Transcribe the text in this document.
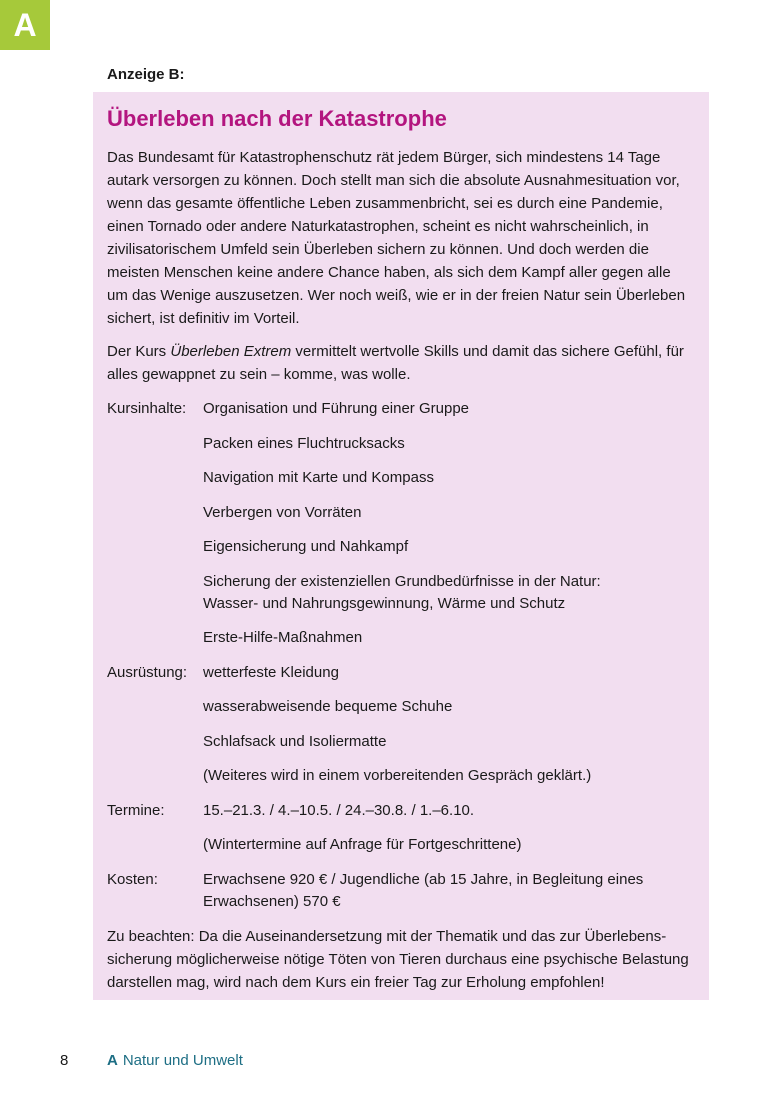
A
Anzeige B:
Überleben nach der Katastrophe

Das Bundesamt für Katastrophenschutz rät jedem Bürger, sich mindestens 14 Tage autark versorgen zu können. Doch stellt man sich die absolute Ausnahmesituation vor, wenn das gesamte öffentliche Leben zusammenbricht, sei es durch eine Pandemie, einen Tornado oder andere Naturkatastrophen, scheint es nicht wahrscheinlich, in zivilisatorischem Umfeld sein Überleben sichern zu können. Und doch werden die meisten Menschen keine andere Chance haben, als sich dem Kampf aller gegen alle um das Wenige auszusetzen. Wer noch weiß, wie er in der freien Natur sein Überleben sichert, ist definitiv im Vorteil.

Der Kurs Überleben Extrem vermittelt wertvolle Skills und damit das sichere Gefühl, für alles gewappnet zu sein – komme, was wolle.

Kursinhalte:	Organisation und Führung einer Gruppe
Packen eines Fluchtrucksacks
Navigation mit Karte und Kompass
Verbergen von Vorräten
Eigensicherung und Nahkampf
Sicherung der existenziellen Grundbedürfnisse in der Natur:
Wasser- und Nahrungsgewinnung, Wärme und Schutz
Erste-Hilfe-Maßnahmen
Ausrüstung:	wetterfeste Kleidung
wasserabweisende bequeme Schuhe
Schlafsack und Isoliermatte
(Weiteres wird in einem vorbereitenden Gespräch geklärt.)
Termine:	15.–21.3. / 4.–10.5. / 24.–30.8. / 1.–6.10.
(Wintertermine auf Anfrage für Fortgeschrittene)
Kosten:	Erwachsene 920 € / Jugendliche (ab 15 Jahre, in Begleitung eines
Erwachsenen) 570 €

Zu beachten: Da die Auseinandersetzung mit der Thematik und das zur Überlebenssicherung möglicherweise nötige Töten von Tieren durchaus eine psychische Belastung darstellen mag, wird nach dem Kurs ein freier Tag zur Erholung empfohlen!

8	A Natur und Umwelt
